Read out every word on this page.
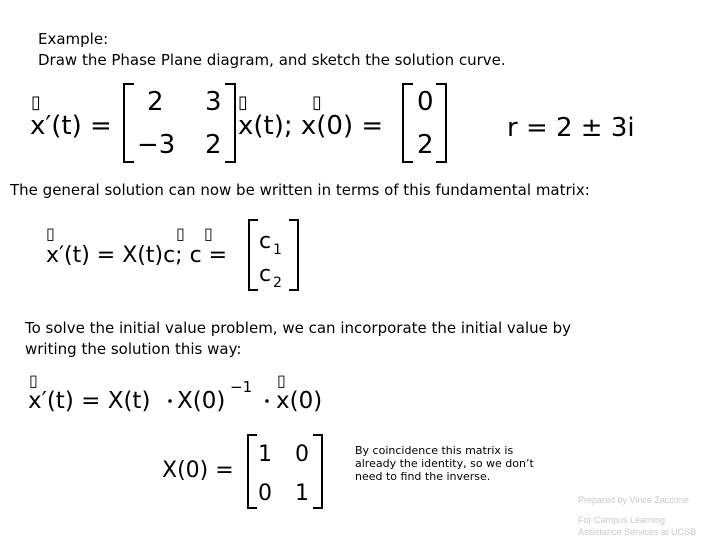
Example:
Draw the Phase Plane diagram, and sketch the solution curve.
▯
x′(t) =
2 3
−3 2
▯	▯
x(t); x(0) =
0
2
r = 2 ± 3i
The general solution can now be written in terms of this fundamental matrix:
▯	▯ ▯
x′(t) = X(t)c; c =
c 1
c 2
To solve the initial value problem, we can incorporate the initial value by
writing the solution this way:
▯	▯
x′(t) = X(t) X(0)
−1
x(0)
X(0) =
1 0
0 1
By coincidence this matrix is already the identity, so we don’t need to find the inverse.
Prepared by Vince Zaccone
For Campus Learning
Assistance Services at UCSB
